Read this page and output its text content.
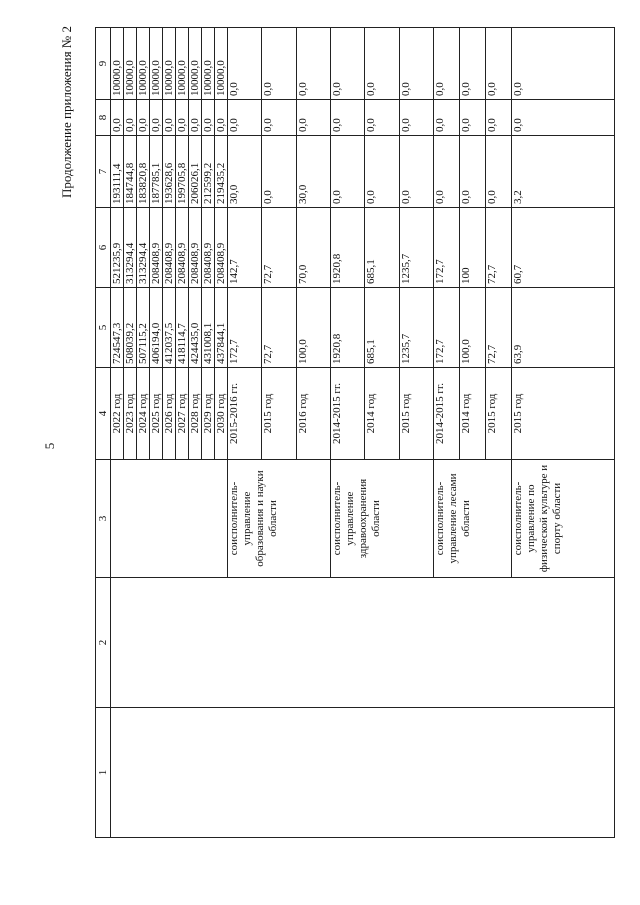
5
Продолжение приложения № 2
1	2	3	4	5	6	7	8	9
			2022 год	724547,3	521235,9	193111,4	0,0	10000,0
			2023 год	508039,2	313294,4	184744,8	0,0	10000,0
			2024 год	507115,2	313294,4	183820,8	0,0	10000,0
			2025 год	406194,0	208408,9	187785,1	0,0	10000,0
			2026 год	412037,5	208408,9	193628,6	0,0	10000,0
			2027 год	418114,7	208408,9	199705,8	0,0	10000,0
			2028 год	424435,0	208408,9	206026,1	0,0	10000,0
			2029 год	431008,1	208408,9	212599,2	0,0	10000,0
			2030 год	437844,1	208408,9	219435,2	0,0	10000,0
		соисполнитель- управление образования и науки области	2015-2016 гг.	172,7	142,7	30,0	0,0	0,0
			2015 год	72,7	72,7	0,0	0,0	0,0
			2016 год	100,0	70,0	30,0	0,0	0,0
		соисполнитель- управление здравоохранения области	2014-2015 гг.	1920,8	1920,8	0,0	0,0	0,0
			2014 год	685,1	685,1	0,0	0,0	0,0
			2015 год	1235,7	1235,7	0,0	0,0	0,0
		соисполнитель- управление лесами области	2014-2015 гг.	172,7	172,7	0,0	0,0	0,0
			2014 год	100,0	100	0,0	0,0	0,0
			2015 год	72,7	72,7	0,0	0,0	0,0
		соисполнитель- управление по физической культуре и спорту области	2015 год	63,9	60,7	3,2	0,0	0,0
